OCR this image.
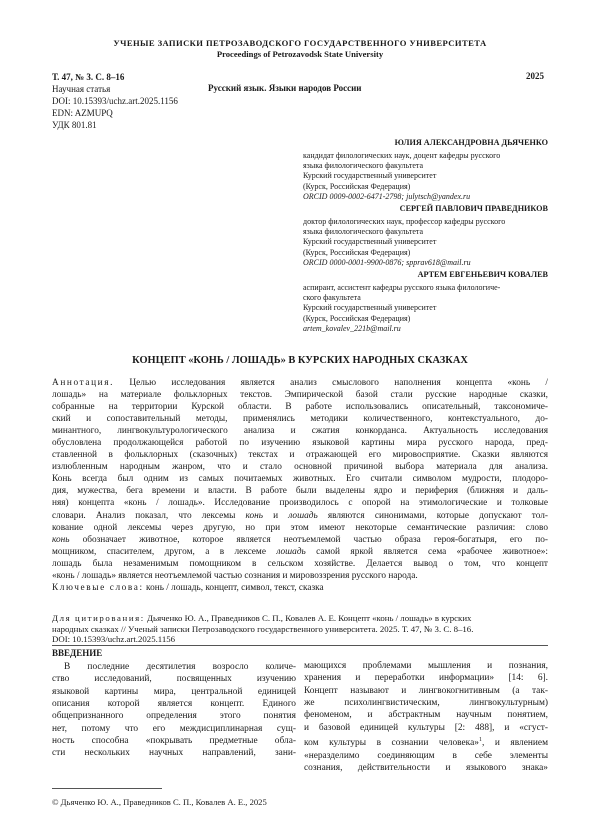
УЧЕНЫЕ ЗАПИСКИ ПЕТРОЗАВОДСКОГО ГОСУДАРСТВЕННОГО УНИВЕРСИТЕТА
Proceedings of Petrozavodsk State University
Т. 47, № 3. С. 8–16
Научная статья
DOI: 10.15393/uchz.art.2025.1156
EDN: AZMUPQ
УДК 801.81
2025
Русский язык. Языки народов России
ЮЛИЯ АЛЕКСАНДРОВНА ДЬЯЧЕНКО
кандидат филологических наук, доцент кафедры русского
языка филологического факультета
Курский государственный университет
(Курск, Российская Федерация)
ORCID 0009-0002-6471-2798; julytsch@yandex.ru
СЕРГЕЙ ПАВЛОВИЧ ПРАВЕДНИКОВ
доктор филологических наук, профессор кафедры русского
языка филологического факультета
Курский государственный университет
(Курск, Российская Федерация)
ORCID 0000-0001-9900-0876; spprav618@mail.ru
АРТЕМ ЕВГЕНЬЕВИЧ КОВАЛЕВ
аспирант, ассистент кафедры русского языка филологиче-
ского факультета
Курский государственный университет
(Курск, Российская Федерация)
artem_kovalev_221b@mail.ru
КОНЦЕПТ «КОНЬ / ЛОШАДЬ» В КУРСКИХ НАРОДНЫХ СКАЗКАХ
Аннотация. Целью исследования является анализ смыслового наполнения концепта «конь /
лошадь» на материале фольклорных текстов. Эмпирической базой стали русские народные сказки,
собранные на территории Курской области. В работе использовались описательный, таксономиче-
ский и сопоставительный методы, применялись методики количественного, контекстуального, до-
минантного, лингвокультурологического анализа и сжатия конкорданса. Актуальность исследования
обусловлена продолжающейся работой по изучению языковой картины мира русского народа, пред-
ставленной в фольклорных (сказочных) текстах и отражающей его мировосприятие. Сказки являются
излюбленным народным жанром, что и стало основной причиной выбора материала для анализа.
Конь всегда был одним из самых почитаемых животных. Его считали символом мудрости, плодоро-
дия, мужества, бега времени и власти. В работе были выделены ядро и периферия (ближняя и даль-
няя) концепта «конь / лошадь». Исследование производилось с опорой на этимологические и толковые
словари. Анализ показал, что лексемы конь и лошадь являются синонимами, которые допускают тол-
кование одной лексемы через другую, но при этом имеют некоторые семантические различия: слово
конь обозначает животное, которое является неотъемлемой частью образа героя-богатыря, его по-
мощником, спасителем, другом, а в лексеме лошадь самой яркой является сема «рабочее животное»:
лошадь была незаменимым помощником в сельском хозяйстве. Делается вывод о том, что концепт
«конь / лошадь» является неотъемлемой частью сознания и мировоззрения русского народа.
Ключевые слова: конь / лошадь, концепт, символ, текст, сказка
Для цитирования: Дьяченко Ю. А., Праведников С. П., Ковалев А. Е. Концепт «конь / лошадь» в курских
народных сказках // Ученый записки Петрозаводского государственного университета. 2025. Т. 47, № 3. С. 8–16.
DOI: 10.15393/uchz.art.2025.1156
ВВЕДЕНИЕ
В последние десятилетия возросло количе-
ство исследований, посвященных изучению
языковой картины мира, центральной единицей
описания которой является концепт. Единого
общепризнанного определения этого понятия
нет, потому что его междисциплинарная сущ-
ность способна «покрывать предметные обла-
сти нескольких научных направлений, зани-
мающихся проблемами мышления и познания,
хранения и переработки информации» [14: 6].
Концепт называют и лингвокогнитивным (а так-
же психолингвистическим, лингвокультурным)
феноменом, и абстрактным научным понятием,
и базовой единицей культуры [2: 488], и «сгуст-
ком культуры в сознании человека»$^1$, и явлением
«неразделимо соединяющим в себе элементы
сознания, действительности и языкового знака»
© Дьяченко Ю. А., Праведников С. П., Ковалев А. Е., 2025
